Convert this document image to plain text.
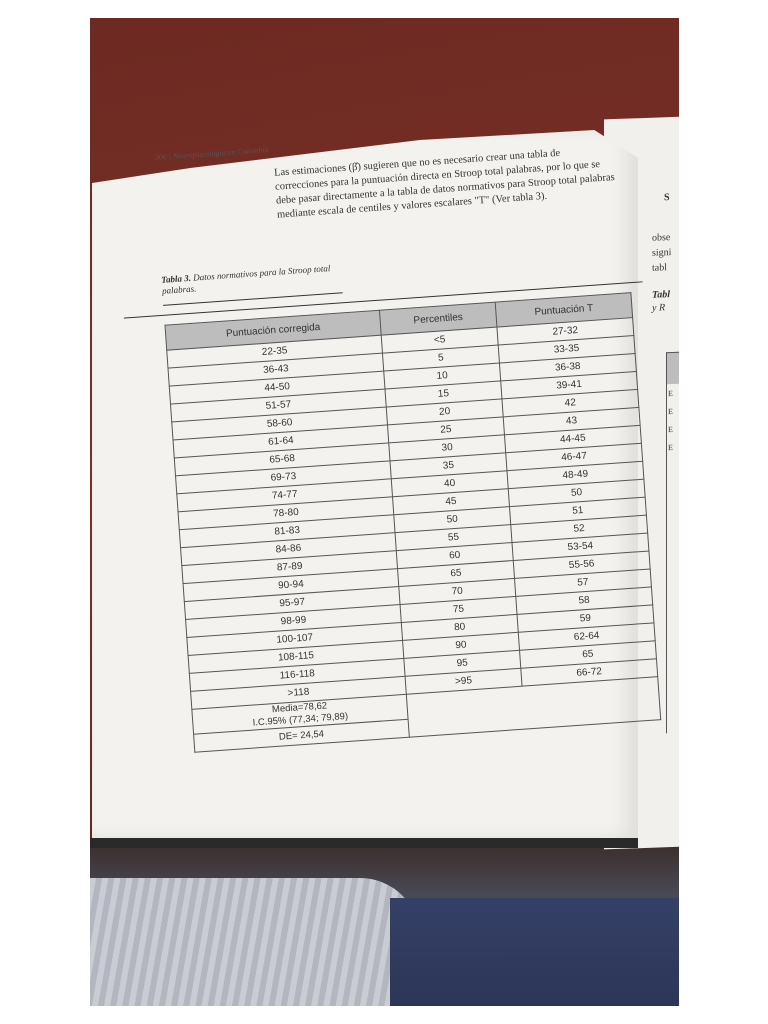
S
obse
signi
tabl
Tabl
y R
E
E
E
E
306 | Neuropsicología en Colombia Las estimaciones (β̂) sugieren que no es necesario crear una tabla de correcciones para la puntuación directa en Stroop total palabras, por lo que se debe pasar directamente a la tabla de datos normativos para Stroop total palabras mediante escala de centiles y valores escalares "T" (Ver tabla 3).
Tabla 3. Datos normativos para la Stroop total palabras.
Puntuación corregida	Percentiles	Puntuación T
22-35	<5	27-32
36-43	5	33-35
44-50	10	36-38
51-57	15	39-41
58-60	20	42
61-64	25	43
65-68	30	44-45
69-73	35	46-47
74-77	40	48-49
78-80	45	50
81-83	50	51
84-86	55	52
87-89	60	53-54
90-94	65	55-56
95-97	70	57
98-99	75	58
100-107	80	59
108-115	90	62-64
116-118	95	65
>118	>95	66-72

Media=78,62
I.C.95% (77,34; 79,89)		

DE= 24,54		
